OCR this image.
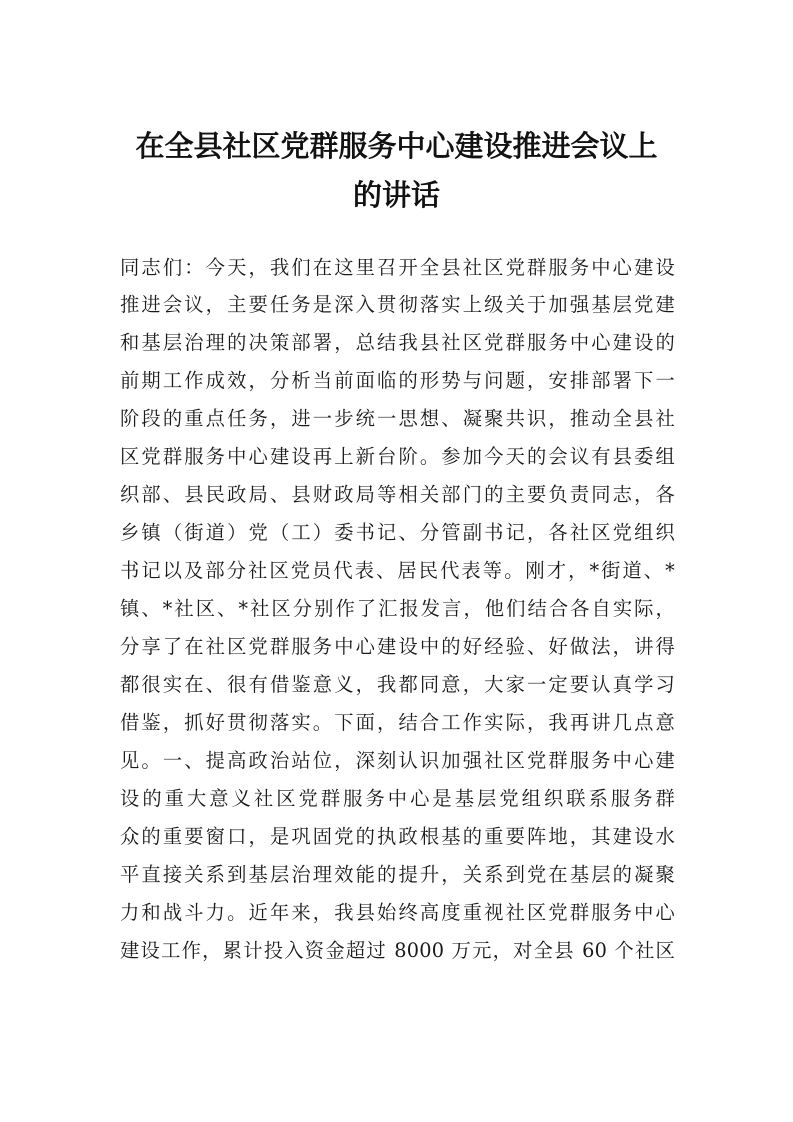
在全县社区党群服务中心建设推进会议上
的讲话
同志们：今天，我们在这里召开全县社区党群服务中心建设
推进会议，主要任务是深入贯彻落实上级关于加强基层党建
和基层治理的决策部署，总结我县社区党群服务中心建设的
前期工作成效，分析当前面临的形势与问题，安排部署下一
阶段的重点任务，进一步统一思想、凝聚共识，推动全县社
区党群服务中心建设再上新台阶。参加今天的会议有县委组
织部、县民政局、县财政局等相关部门的主要负责同志，各
乡镇（街道）党（工）委书记、分管副书记，各社区党组织
书记以及部分社区党员代表、居民代表等。刚才，*街道、*
镇、*社区、*社区分别作了汇报发言，他们结合各自实际，
分享了在社区党群服务中心建设中的好经验、好做法，讲得
都很实在、很有借鉴意义，我都同意，大家一定要认真学习
借鉴，抓好贯彻落实。下面，结合工作实际，我再讲几点意
见。一、提高政治站位，深刻认识加强社区党群服务中心建
设的重大意义社区党群服务中心是基层党组织联系服务群
众的重要窗口，是巩固党的执政根基的重要阵地，其建设水
平直接关系到基层治理效能的提升，关系到党在基层的凝聚
力和战斗力。近年来，我县始终高度重视社区党群服务中心
建设工作，累计投入资金超过 8000 万元，对全县 60 个社区
